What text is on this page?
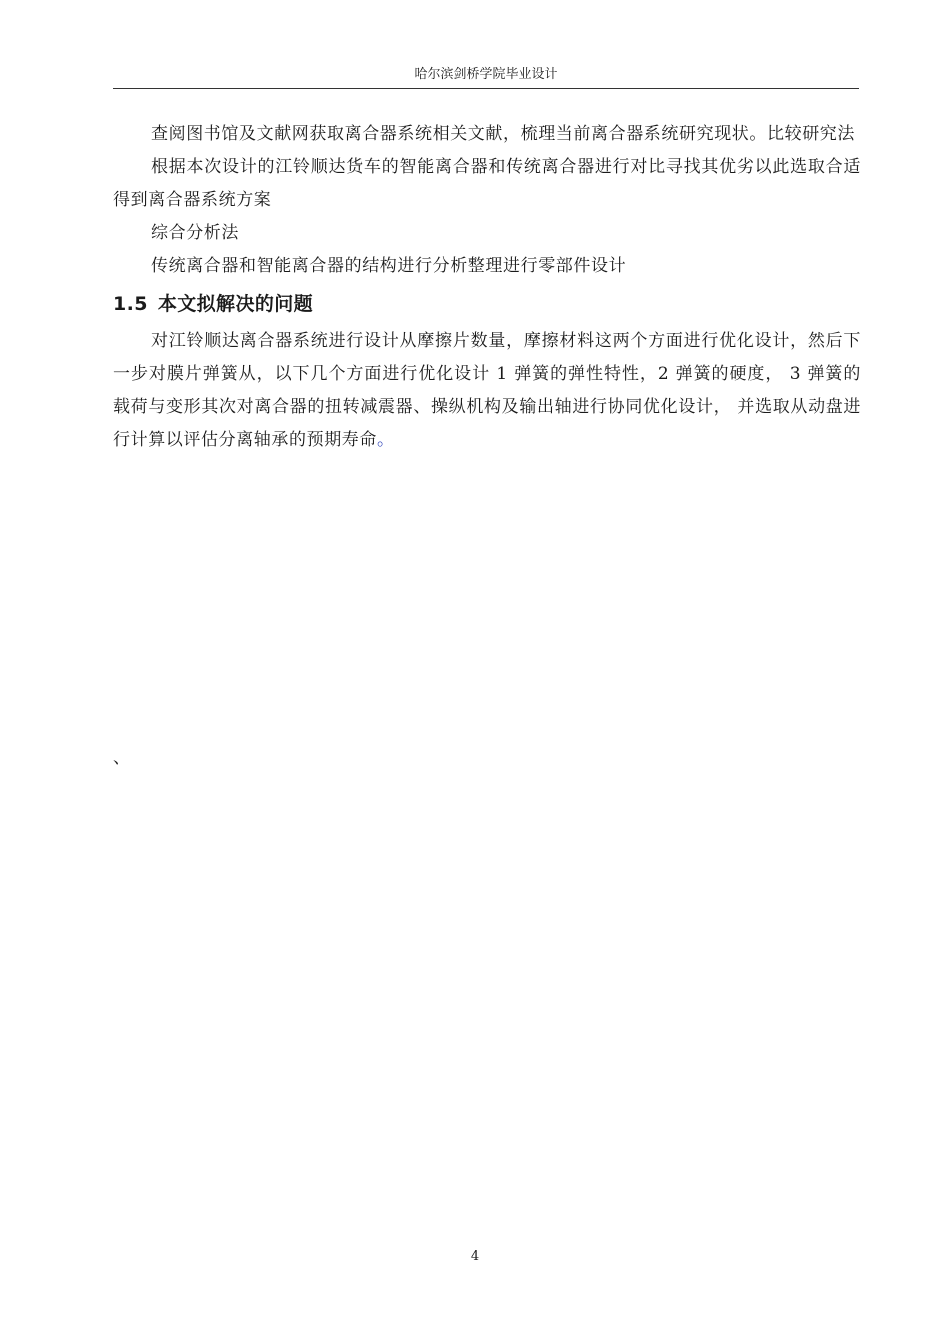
哈尔滨剑桥学院毕业设计

查阅图书馆及文献网获取离合器系统相关文献，梳理当前离合器系统研究现状。比较研究法

根据本次设计的江铃顺达货车的智能离合器和传统离合器进行对比寻找其优劣以此选取合适得到离合器系统方案

综合分析法

传统离合器和智能离合器的结构进行分析整理进行零部件设计

1.5 本文拟解决的问题

对江铃顺达离合器系统进行设计从摩擦片数量，摩擦材料这两个方面进行优化设计，然后下一步对膜片弹簧从，以下几个方面进行优化设计 1 弹簧的弹性特性，2 弹簧的硬度， 3 弹簧的载荷与变形其次对离合器的扭转减震器、操纵机构及输出轴进行协同优化设计， 并选取从动盘进行计算以评估分离轴承的预期寿命。

、
4
